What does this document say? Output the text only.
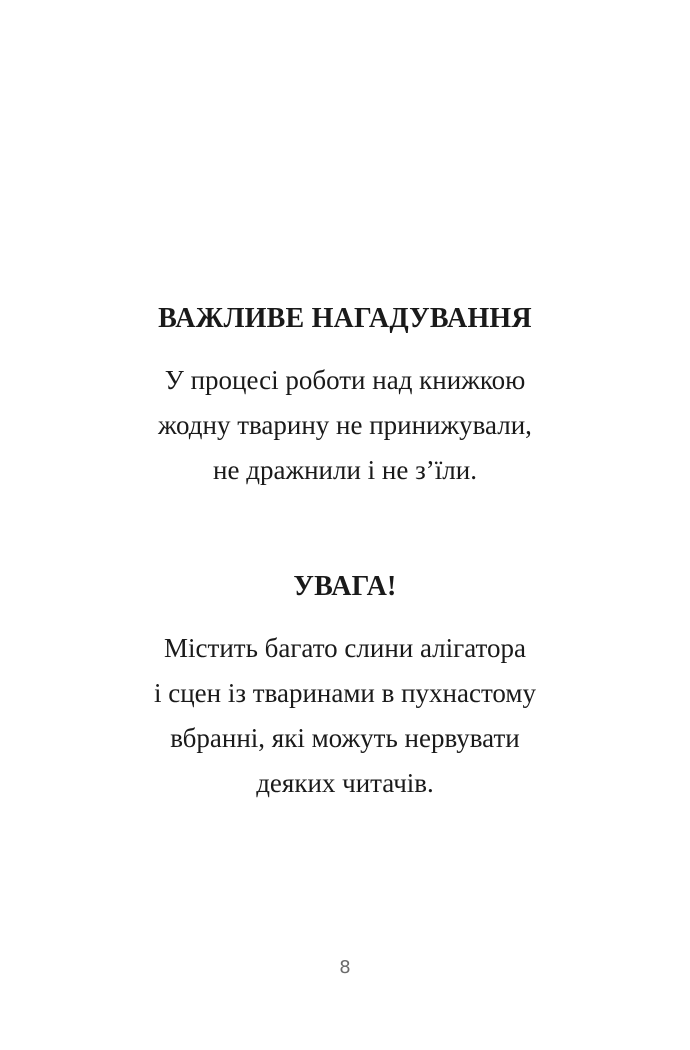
ВАЖЛИВЕ НАГАДУВАННЯ
У процесі роботи над книжкою
жодну тварину не принижували,
не дражнили і не з’їли.
УВАГА!
Містить багато слини алігатора
і сцен із тваринами в пухнастому
вбранні, які можуть нервувати
деяких читачів.
8
